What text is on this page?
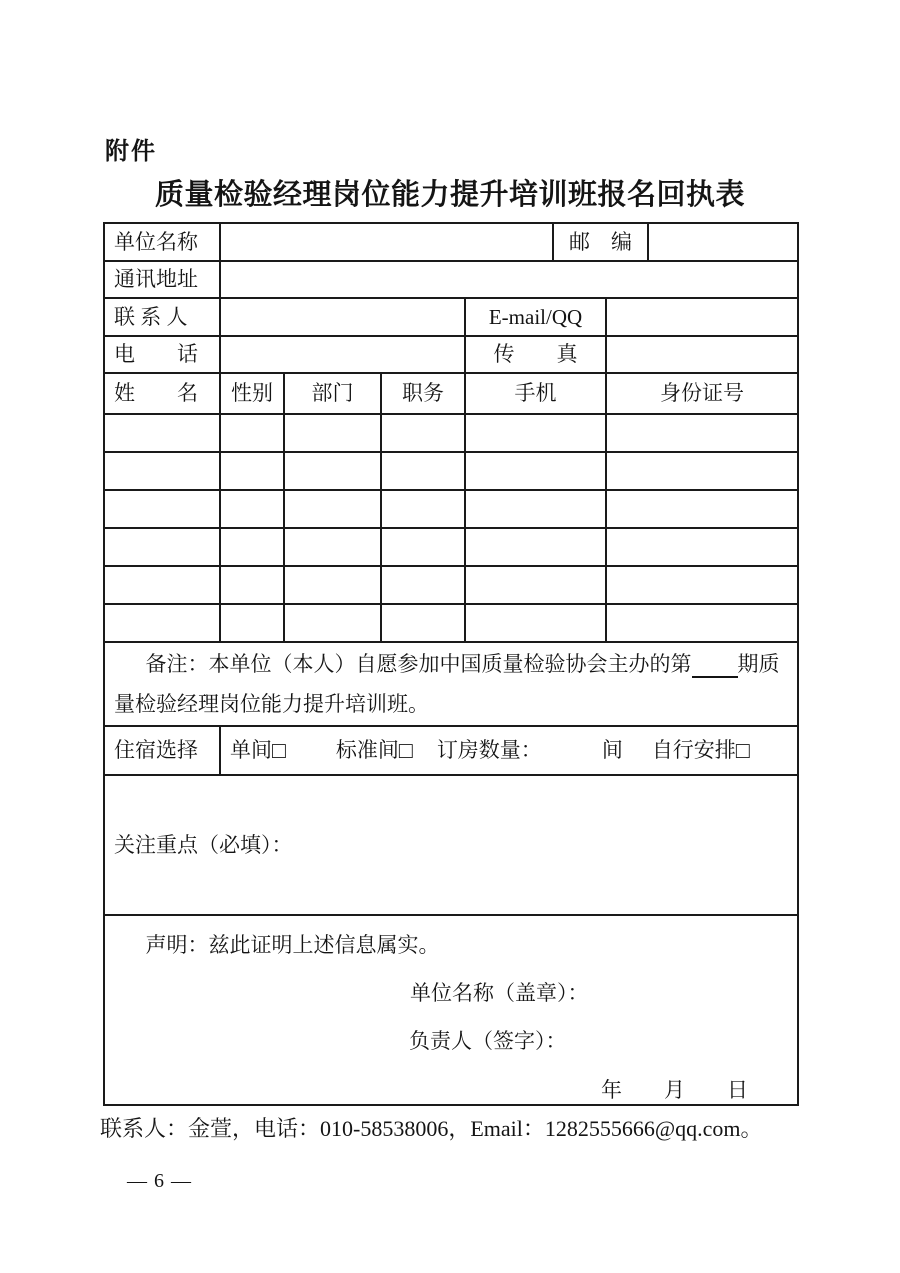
附件
质量检验经理岗位能力提升培训班报名回执表
单位名称					邮　编		
通讯地址							
联 系 人				E-mail/QQ			
电　　话				传　　真			
姓　　名	性别	部门	职务	手机		身份证号	

备注：本单位（本人）自愿参加中国质量检验协会主办的第　　 期质量检验经理岗位能力提升培训班。							

住宿选择	单间□ 标准间□ 订房数量： 间 自行安排□						
关注重点（必填）：							

声明：兹此证明上述信息属实。

单位名称（盖章）：

负责人（签字）：

年　　月　　日							

联系人：金萱，电话：010-58538006，Email：1282555666@qq.com。
— 6 —
